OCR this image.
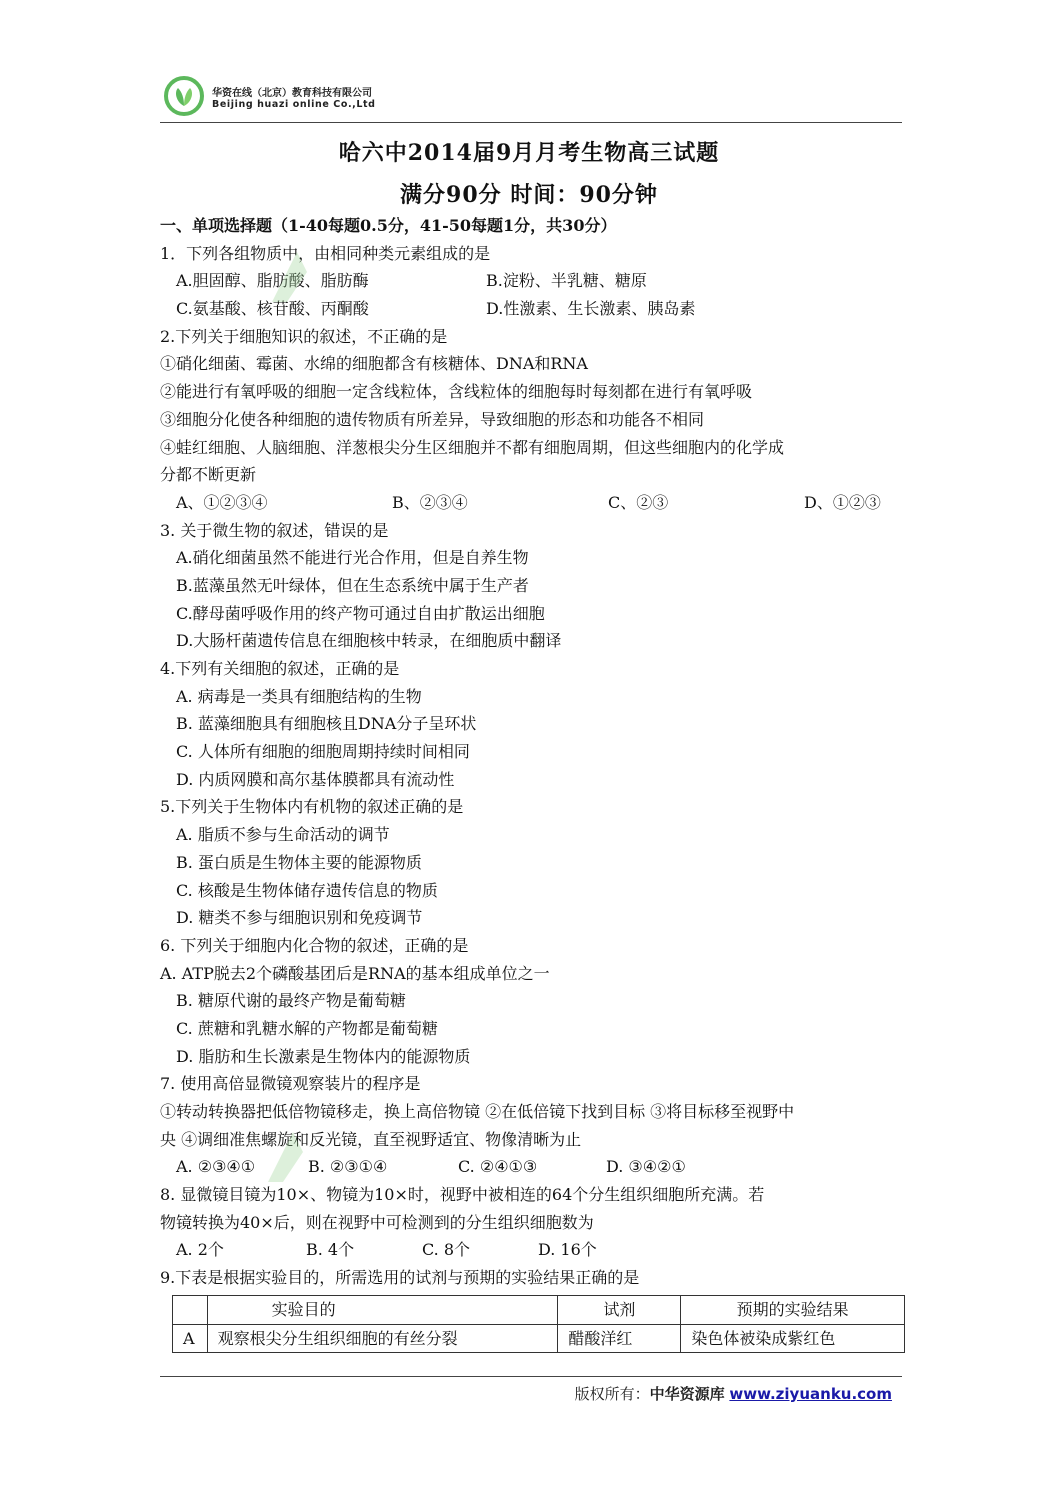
华资在线（北京）教育科技有限公司
Beijing huazi online Co.,Ltd
哈六中2014届9月月考生物高三试题
满分90分 时间：90分钟
一、单项选择题（1-40每题0.5分，41-50每题1分，共30分）
1．下列各组物质中，由相同种类元素组成的是
A.胆固醇、脂肪酸、脂肪酶	B.淀粉、半乳糖、糖原
C.氨基酸、核苷酸、丙酮酸	D.性激素、生长激素、胰岛素
2.下列关于细胞知识的叙述，不正确的是
①硝化细菌、霉菌、水绵的细胞都含有核糖体、DNA和RNA
②能进行有氧呼吸的细胞一定含线粒体，含线粒体的细胞每时每刻都在进行有氧呼吸
③细胞分化使各种细胞的遗传物质有所差异，导致细胞的形态和功能各不相同
④蛙红细胞、人脑细胞、洋葱根尖分生区细胞并不都有细胞周期，但这些细胞内的化学成
分都不断更新
A、①②③④	B、②③④	C、②③	D、①②③
3. 关于微生物的叙述，错误的是
A.硝化细菌虽然不能进行光合作用，但是自养生物
B.蓝藻虽然无叶绿体，但在生态系统中属于生产者
C.酵母菌呼吸作用的终产物可通过自由扩散运出细胞
D.大肠杆菌遗传信息在细胞核中转录，在细胞质中翻译
4.下列有关细胞的叙述，正确的是
A. 病毒是一类具有细胞结构的生物
B. 蓝藻细胞具有细胞核且DNA分子呈环状
C. 人体所有细胞的细胞周期持续时间相同
D. 内质网膜和高尔基体膜都具有流动性
5.下列关于生物体内有机物的叙述正确的是
A. 脂质不参与生命活动的调节
B. 蛋白质是生物体主要的能源物质
C. 核酸是生物体储存遗传信息的物质
D. 糖类不参与细胞识别和免疫调节
6. 下列关于细胞内化合物的叙述，正确的是
A. ATP脱去2个磷酸基团后是RNA的基本组成单位之一
B. 糖原代谢的最终产物是葡萄糖
C. 蔗糖和乳糖水解的产物都是葡萄糖
D. 脂肪和生长激素是生物体内的能源物质
7. 使用高倍显微镜观察装片的程序是
①转动转换器把低倍物镜移走，换上高倍物镜 ②在低倍镜下找到目标 ③将目标移至视野中
央 ④调细准焦螺旋和反光镜，直至视野适宜、物像清晰为止
A. ②③④①	B. ②③①④	C. ②④①③	D. ③④②①
8. 显微镜目镜为10×、物镜为10×时，视野中被相连的64个分生组织细胞所充满。若
物镜转换为40×后，则在视野中可检测到的分生组织细胞数为
A. 2个	B. 4个	C. 8个	D. 16个
9.下表是根据实验目的，所需选用的试剂与预期的实验结果正确的是
	实验目的	试剂	预期的实验结果
A	观察根尖分生组织细胞的有丝分裂	醋酸洋红	染色体被染成紫红色
版权所有：中华资源库 www.ziyuanku.com
